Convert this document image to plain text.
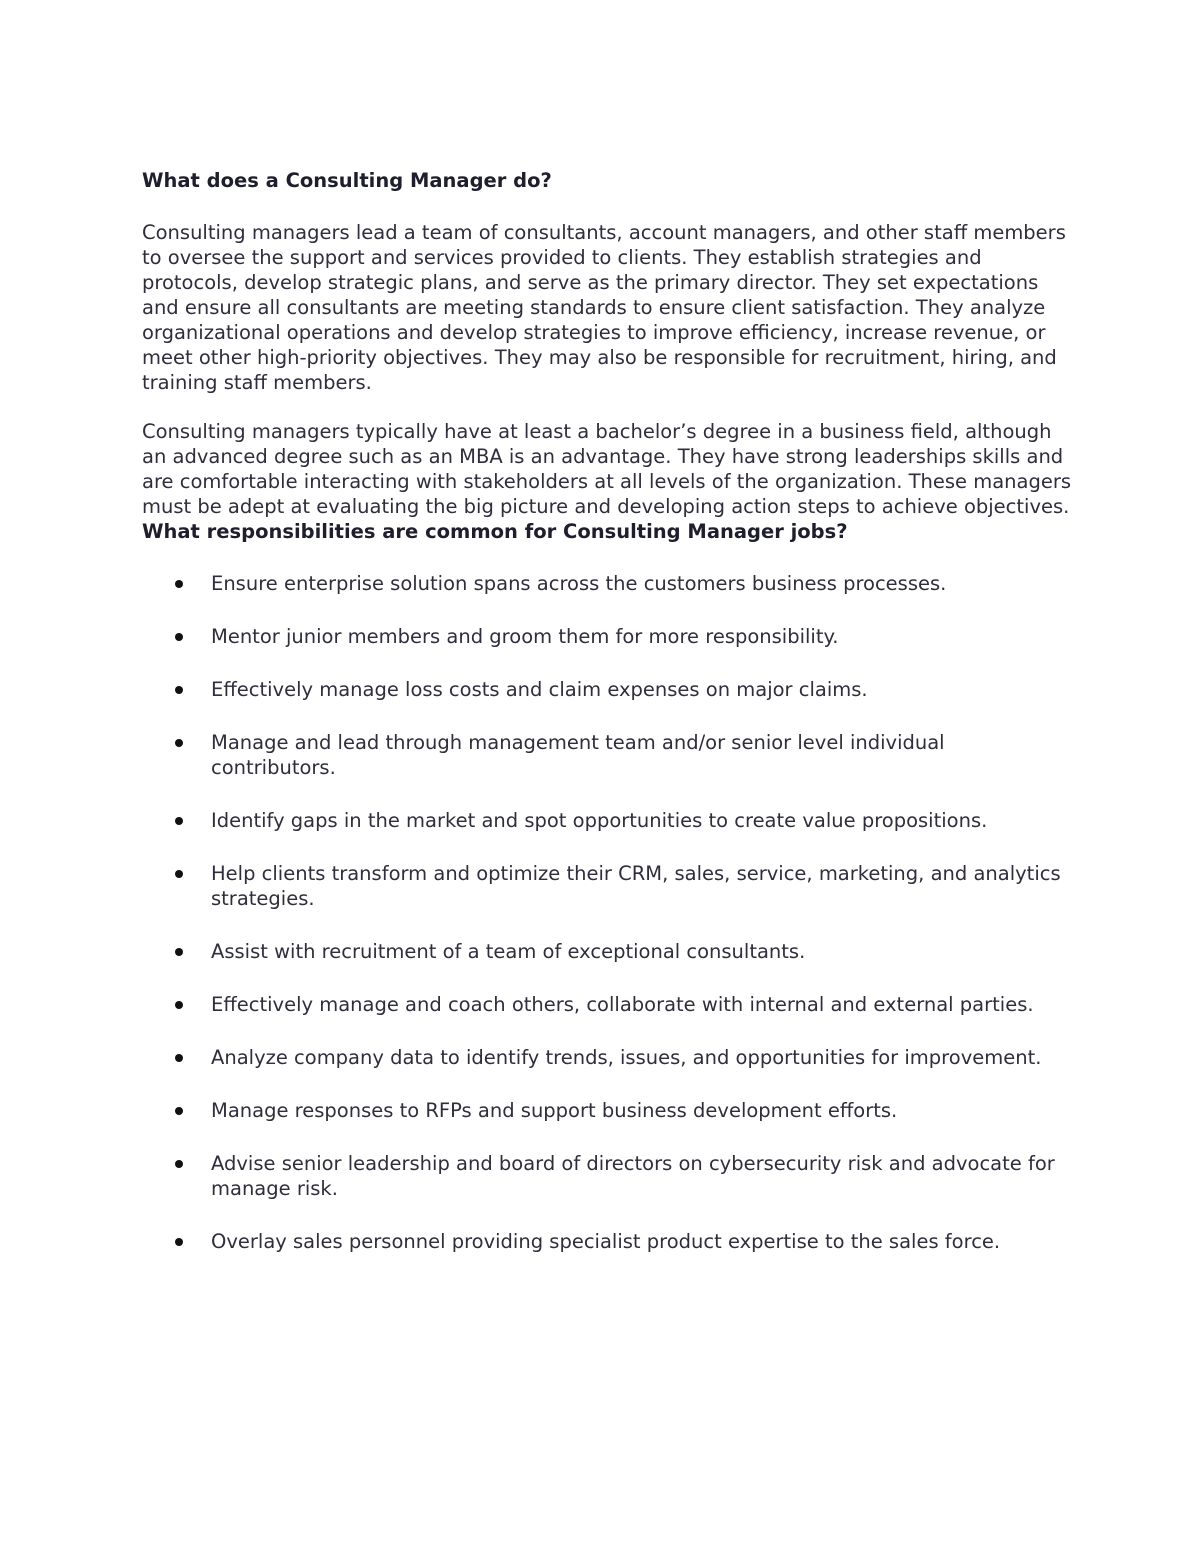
What does a Consulting Manager do?

Consulting managers lead a team of consultants, account managers, and other staff members to oversee the support and services provided to clients. They establish strategies and protocols, develop strategic plans, and serve as the primary director. They set expectations and ensure all consultants are meeting standards to ensure client satisfaction. They analyze organizational operations and develop strategies to improve efficiency, increase revenue, or meet other high-priority objectives. They may also be responsible for recruitment, hiring, and training staff members.

Consulting managers typically have at least a bachelor’s degree in a business field, although an advanced degree such as an MBA is an advantage. They have strong leaderships skills and are comfortable interacting with stakeholders at all levels of the organization. These managers must be adept at evaluating the big picture and developing action steps to achieve objectives.

What responsibilities are common for Consulting Manager jobs?
Ensure enterprise solution spans across the customers business processes.
Mentor junior members and groom them for more responsibility.
Effectively manage loss costs and claim expenses on major claims.
Manage and lead through management team and/or senior level individual contributors.
Identify gaps in the market and spot opportunities to create value propositions.
Help clients transform and optimize their CRM, sales, service, marketing, and analytics strategies.
Assist with recruitment of a team of exceptional consultants.
Effectively manage and coach others, collaborate with internal and external parties.
Analyze company data to identify trends, issues, and opportunities for improvement.
Manage responses to RFPs and support business development efforts.
Advise senior leadership and board of directors on cybersecurity risk and advocate for manage risk.
Overlay sales personnel providing specialist product expertise to the sales force.
